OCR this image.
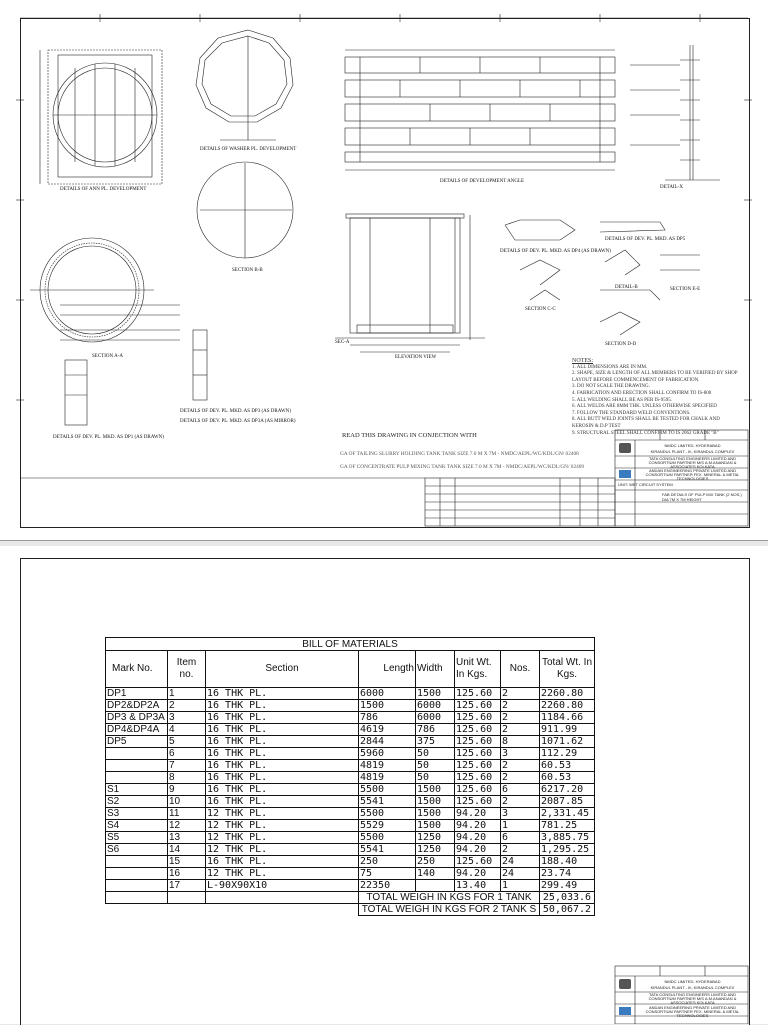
DETAILS OF ANN PL. DEVELOPMENT
DETAILS OF WASHER PL. DEVELOPMENT
DETAILS OF DEVELOPMENT ANGLE
SECTION B-B
SECTION A-A
DETAILS OF DEV. PL. MKD. AS DP1 (AS DRAWN)
DETAILS OF DEV. PL. MKD. AS DP3 (AS DRAWN)
DETAILS OF DEV. PL. MKD. AS DP3A (AS MIRROR)
DETAILS OF DEV. PL. MKD. AS DP5
DETAILS OF DEV. PL. MKD. AS DP4 (AS DRAWN)
DETAIL-B
SECTION C-C
SECTION E-E
SECTION D-D
DETAIL-X
ELEVATION VIEW
SEC-A
NOTES:
1. ALL DIMENSIONS ARE IN MM.
2. SHAPE, SIZE & LENGTH OF ALL MEMBERS TO BE VERIFIED BY SHOP LAYOUT BEFORE COMMENCEMENT OF FABRICATION.
3. DO NOT SCALE THE DRAWING.
4. FABRICATION AND ERECTION SHALL CONFIRM TO IS-800
5. ALL WELDING SHALL BE AS PER IS-9595.
6. ALL WELDS ARE 8MM THK. UNLESS OTHERWISE SPECIFIED
7. FOLLOW THE STANDARD WELD CONVENTIONS.
8. ALL BUTT WELD JOINTS SHALL BE TESTED FOR CHALK AND KEROSIN & D.P TEST
9. STRUCTURAL STEEL SHALL CONFIRM TO IS 2062 GRADE "B"
READ THIS DRAWING IN CONJECTION WITH
GA OF TAILING SLURRY HOLDING TANK TANK SIZE 7.0 M X 7M - NMDC/AEPL/WC/KDL/GN/ 02408
GA OF CONCENTRATE PULP MIXING TANK TANK SIZE 7.0 M X 7M - NMDC/AEPL/WC/KDL/GN/ 02409
NMDC LIMITED, HYDERABAD
KIRANDUL PLANT - III, KIRANDUL COMPLEX
TATA CONSULTING ENGINEERS LIMITED AND CONSORTIUM PARTNER M/S A.M.ANANDAN & ASSOCIATES KOLKATA
ANDAN ENGINEERING PRIVATE LIMITED AND CONSORTIUM PARTNER FEX. MINERAL & METAL TECHNOLOGIES
UNIT: WET CIRCUIT SYSTEM
FAB DETAILS OF PULP MIX TANK (2 NOS.) DIA 7M X 7M HEIGHT
BILL OF MATERIALS							
Mark No.	Item no.	Section	Length	Width	Unit Wt. In Kgs.	Nos.	Total Wt. In Kgs.
DP1	1	16 THK PL.	6000	1500	125.60	2	2260.80
DP2&DP2A	2	16 THK PL.	1500	6000	125.60	2	2260.80
DP3 & DP3A	3	16 THK PL.	786	6000	125.60	2	1184.66
DP4&DP4A	4	16 THK PL.	4619	786	125.60	2	911.99
DP5	5	16 THK PL.	2844	375	125.60	8	1071.62
	6	16 THK PL.	5960	50	125.60	3	112.29
	7	16 THK PL.	4819	50	125.60	2	60.53
	8	16 THK PL.	4819	50	125.60	2	60.53
S1	9	16 THK PL.	5500	1500	125.60	6	6217.20
S2	10	16 THK PL.	5541	1500	125.60	2	2087.85
S3	11	12 THK PL.	5500	1500	94.20	3	2,331.45
S4	12	12 THK PL.	5529	1500	94.20	1	781.25
S5	13	12 THK PL.	5500	1250	94.20	6	3,885.75
S6	14	12 THK PL.	5541	1250	94.20	2	1,295.25
	15	16 THK PL.	250	250	125.60	24	188.40
	16	12 THK PL.	75	140	94.20	24	23.74
	17	L-90X90X10	22350		13.40	1	299.49
			TOTAL WEIGH IN KGS FOR 1 TANK				25,033.6
			TOTAL WEIGH IN KGS FOR 2 TANK S				50,067.2
NMDC LIMITED, HYDERABAD
KIRANDUL PLANT - III, KIRANDUL COMPLEX
TATA CONSULTING ENGINEERS LIMITED AND CONSORTIUM PARTNER M/S A.M.ANANDAN & ASSOCIATES KOLKATA
ANDAN ENGINEERING PRIVATE LIMITED AND CONSORTIUM PARTNER FEX. MINERAL & METAL TECHNOLOGIES
